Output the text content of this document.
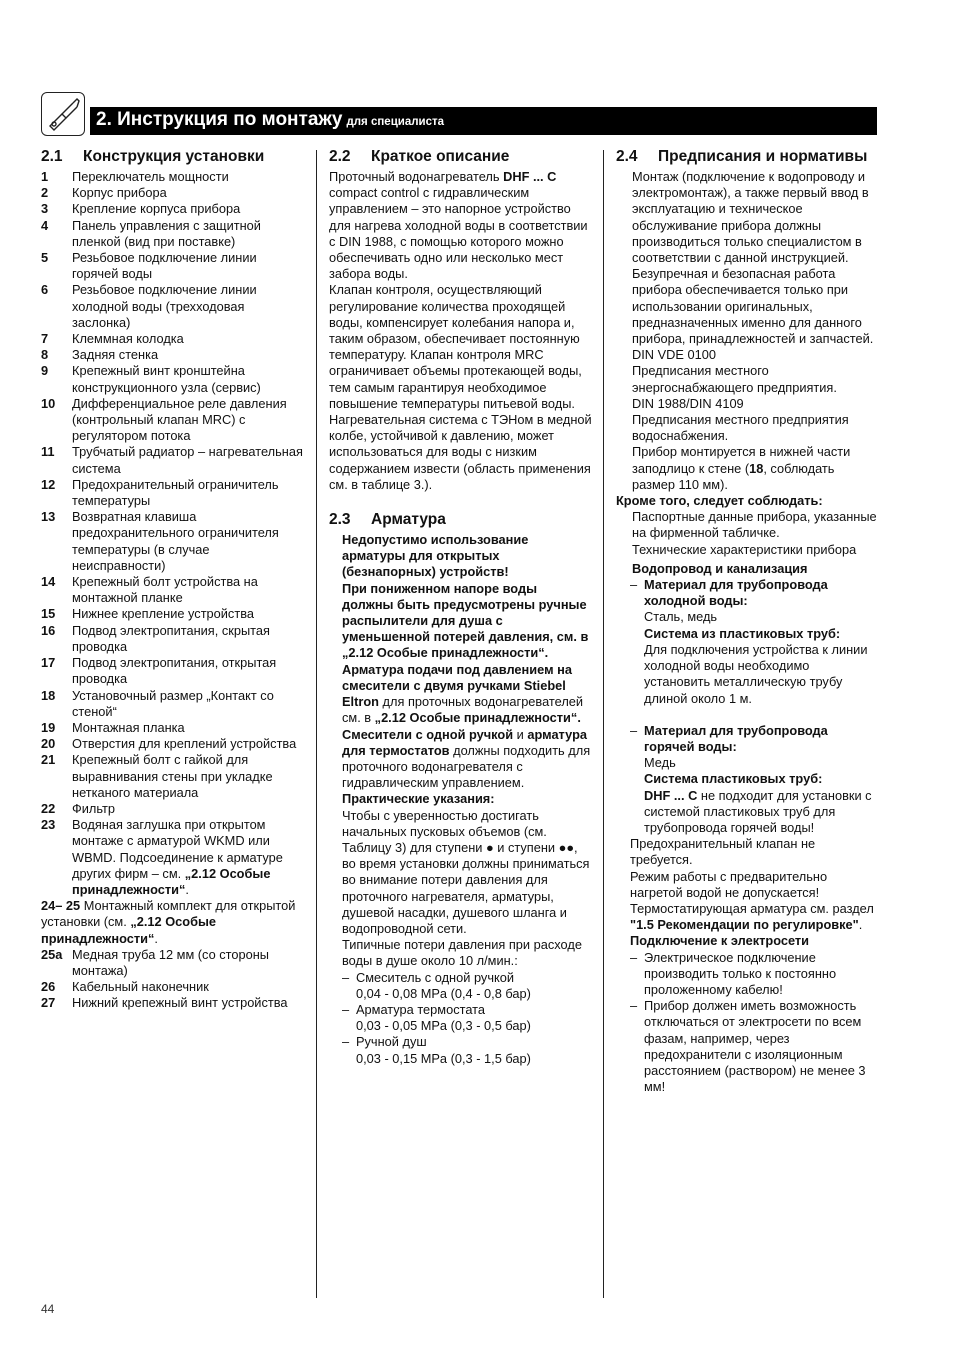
2. Инструкция по монтажу для специалиста
2.1	Конструкция установки
1	Переключатель мощности
2	Корпус прибора
3	Крепление корпуса прибора
4	Панель управления с защитной пленкой (вид при поставке)
5	Резьбовое подключение линии горячей воды
6	Резьбовое подключение линии холодной воды (трехходовая заслонка)
7	Клеммная колодка
8	Задняя стенка
9	Крепежный винт кронштейна конструкционного узла (сервис)
10	Дифференциальное реле давления (контрольный клапан MRC) с регулятором потока
11	Трубчатый радиатор – нагревательная система
12	Предохранительный ограничитель температуры
13	Возвратная клавиша предохранительного ограничителя температуры (в случае неисправности)
14	Крепежный болт устройства на монтажной планке
15	Нижнее крепление устройства
16	Подвод электропитания, скрытая проводка
17	Подвод электропитания, открытая проводка
18	Установочный размер „Контакт со стеной“
19	Монтажная планка
20	Отверстия для креплений устройства
21	Крепежный болт с гайкой для выравнивания стены при укладке нетканого материала
22	Фильтр
23	Водяная заглушка при открытом монтаже с арматурой WKMD или WBMD. Подсоединение к арматуре других фирм – см. „2.12 Особые принадлежности“.
24– 25 Монтажный комплект для открытой установки (см. „2.12 Особые принадлежности“.
25a Медная труба 12 мм (со стороны монтажа)
26	Кабельный наконечник
27	Нижний крепежный винт устройства
2.2	Краткое описание
Проточный водонагреватель DHF ... C compact control с гидравлическим управлением – это напорное устройство для нагрева холодной воды в соответствии с DIN 1988, с помощью которого можно обеспечивать одно или несколько мест забора воды.
Клапан контроля, осуществляющий регулирование количества проходящей воды, компенсирует колебания напора и, таким образом, обеспечивает постоянную температуру. Клапан контроля MRC ограничивает объемы протекающей воды, тем самым гарантируя необходимое повышение температуры питьевой воды.
Нагревательная система с ТЭНом в медной колбе, устойчивой к давлению, может использоваться для воды с низким содержанием извести (область применения см. в таблице 3.).
2.3	Арматура
Недопустимо использование арматуры для открытых (безнапорных) устройств!
При пониженном напоре воды должны быть предусмотрены ручные распылители для душа с уменьшенной потерей давления, см. в „2.12 Особые принадлежности“.
Арматура подачи под давлением на смесители с двумя ручками Stiebel Eltron для проточных водонагревателей см. в „2.12 Особые принадлежности“.
Смесители с одной ручкой и арматура для термостатов должны подходить для проточного водонагревателя с гидравлическим управлением.
Практические указания:
Чтобы с уверенностью достигать начальных пусковых объемов (см. Таблицу 3) для ступени ● и ступени ●●, во время установки должны приниматься во внимание потери давления для проточного нагревателя, арматуры, душевой насадки, душевого шланга и водопроводной сети.
Типичные потери давления при расходе воды в душе около 10 л/мин.:
– Смеситель с одной ручкой
0,04 - 0,08 MPa (0,4 - 0,8 бар)
– Арматура термостата
0,03 - 0,05 MPa (0,3 - 0,5 бар)
– Ручной душ
0,03 - 0,15 MPa (0,3 - 1,5 бар)
2.4	Предписания и нормативы
Монтаж (подключение к водопроводу и электромонтаж), а также первый ввод в эксплуатацию и техническое обслуживание прибора должны производиться только специалистом в соответствии с данной инструкцией.
Безупречная и безопасная работа прибора обеспечивается только при использовании оригинальных, предназначенных именно для данного прибора, принадлежностей и запчастей.
DIN VDE 0100
Предписания местного энергоснабжающего предприятия.
DIN 1988/DIN 4109
Предписания местного предприятия водоснабжения.
Прибор монтируется в нижней части заподлицо к стене (18, соблюдать размер 110 мм).
Кроме того, следует соблюдать:
Паспортные данные прибора, указанные на фирменной табличке.
Технические характеристики прибора
Водопровод и канализация
– Материал для трубопровода холодной воды:
Сталь, медь
Система из пластиковых труб:
Для подключения устройства к линии холодной воды необходимо установить металлическую трубу длиной около 1 м.
– Материал для трубопровода горячей воды:
Медь
Система пластиковых труб:
DHF ... C не подходит для установки с системой пластиковых труб для трубопровода горячей воды!
Предохранительный клапан не требуется.
Режим работы с предварительно нагретой водой не допускается!
Термостатирующая арматура см. раздел "1.5 Рекомендации по регулировке".
Подключение к электросети
– Электрическое подключение производить только к постоянно проложенному кабелю!
– Прибор должен иметь возможность отключаться от электросети по всем фазам, например, через предохранители с изоляционным расстоянием (раствором) не менее 3 мм!
44
